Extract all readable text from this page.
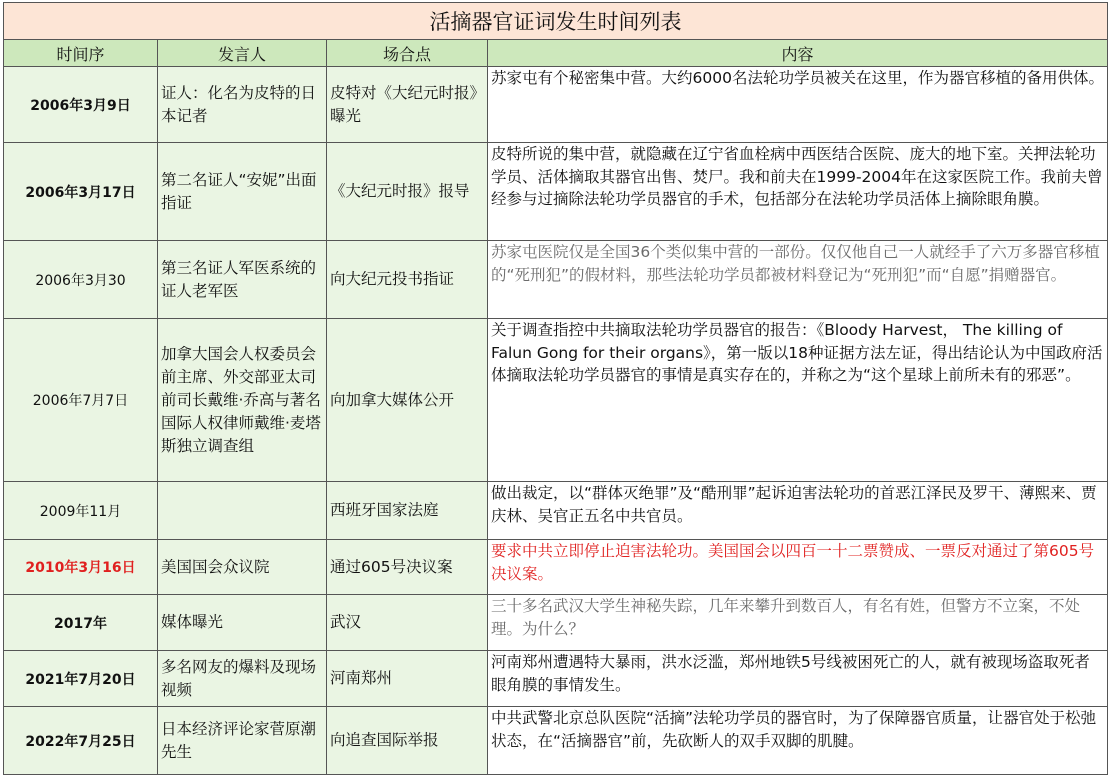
活摘器官证词发生时间列表			
时间序	发言人	场合点	内容
2006年3月9日	证人：化名为皮特的日本记者	皮特对《大纪元时报》曝光	苏家屯有个秘密集中营。大约6000名法轮功学员被关在这里，作为器官移植的备用供体。
2006年3月17日	第二名证人“安妮”出面指证	《大纪元时报》报导	皮特所说的集中营，就隐藏在辽宁省血栓病中西医结合医院、庞大的地下室。关押法轮功学员、活体摘取其器官出售、焚尸。我和前夫在1999-2004年在这家医院工作。我前夫曾经参与过摘除法轮功学员器官的手术，包括部分在法轮功学员活体上摘除眼角膜。
2006年3月30	第三名证人军医系统的证人老军医	向大纪元投书指证	苏家屯医院仅是全国36个类似集中营的一部份。仅仅他自己一人就经手了六万多器官移植的“死刑犯”的假材料，那些法轮功学员都被材料登记为“死刑犯”而“自愿”捐赠器官。
2006年7月7日	加拿大国会人权委员会前主席、外交部亚太司前司长戴维·乔高与著名国际人权律师戴维·麦塔斯独立调查组	向加拿大媒体公开	关于调查指控中共摘取法轮功学员器官的报告：《Bloody Harvest， The killing of Falun Gong for their organs》，第一版以18种证据方法左证，得出结论认为中国政府活体摘取法轮功学员器官的事情是真实存在的，并称之为“这个星球上前所未有的邪恶”。
2009年11月		西班牙国家法庭	做出裁定，以“群体灭绝罪”及“酷刑罪”起诉迫害法轮功的首恶江泽民及罗干、薄熙来、贾庆林、吴官正五名中共官员。
2010年3月16日	美国国会众议院	通过605号决议案	要求中共立即停止迫害法轮功。美国国会以四百一十二票赞成、一票反对通过了第605号决议案。
2017年	媒体曝光	武汉	三十多名武汉大学生神秘失踪，几年来攀升到数百人，有名有姓，但警方不立案，不处理。为什么？
2021年7月20日	多名网友的爆料及现场视频	河南郑州	河南郑州遭遇特大暴雨，洪水泛滥，郑州地铁5号线被困死亡的人，就有被现场盗取死者眼角膜的事情发生。
2022年7月25日	日本经济评论家菅原潮先生	向追查国际举报	中共武警北京总队医院“活摘”法轮功学员的器官时，为了保障器官质量，让器官处于松弛状态，在“活摘器官”前，先砍断人的双手双脚的肌腱。
